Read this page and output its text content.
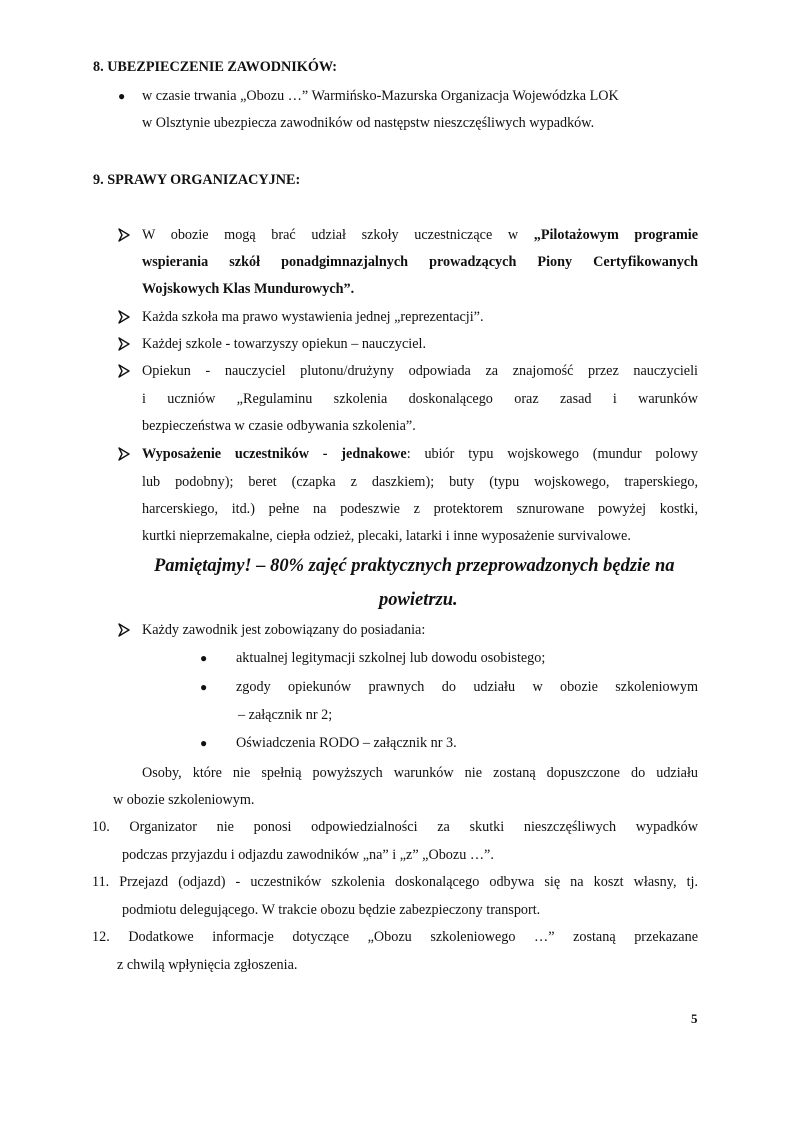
8. UBEZPIECZENIE ZAWODNIKÓW:
● w czasie trwania „Obozu …” Warmińsko-Mazurska Organizacja Wojewódzka LOK
w Olsztynie ubezpiecza zawodników od następstw nieszczęśliwych wypadków.
9. SPRAWY ORGANIZACYJNE:
W obozie mogą brać udział szkoły uczestniczące w „Pilotażowym programie
wspierania szkół ponadgimnazjalnych prowadzących Piony Certyfikowanych
Wojskowych Klas Mundurowych”.
Każda szkoła ma prawo wystawienia jednej „reprezentacji”.
Każdej szkole - towarzyszy opiekun – nauczyciel.
Opiekun - nauczyciel plutonu/drużyny odpowiada za znajomość przez nauczycieli
i uczniów „Regulaminu szkolenia doskonalącego oraz zasad i warunków
bezpieczeństwa w czasie odbywania szkolenia”.
Wyposażenie uczestników - jednakowe: ubiór typu wojskowego (mundur polowy
lub podobny); beret (czapka z daszkiem); buty (typu wojskowego, traperskiego,
harcerskiego, itd.) pełne na podeszwie z protektorem sznurowane powyżej kostki,
kurtki nieprzemakalne, ciepła odzież, plecaki, latarki i inne wyposażenie survivalowe.
Pamiętajmy! – 80% zajęć praktycznych przeprowadzonych będzie na
powietrzu.
Każdy zawodnik jest zobowiązany do posiadania:
● aktualnej legitymacji szkolnej lub dowodu osobistego;
● zgody opiekunów prawnych do udziału w obozie szkoleniowym
– załącznik nr 2;
● Oświadczenia RODO – załącznik nr 3.
Osoby, które nie spełnią powyższych warunków nie zostaną dopuszczone do udziału
w obozie szkoleniowym.
10. Organizator nie ponosi odpowiedzialności za skutki nieszczęśliwych wypadków
podczas przyjazdu i odjazdu zawodników „na” i „z” „Obozu …”.
11. Przejazd (odjazd) - uczestników szkolenia doskonalącego odbywa się na koszt własny, tj.
podmiotu delegującego. W trakcie obozu będzie zabezpieczony transport.
12. Dodatkowe informacje dotyczące „Obozu szkoleniowego …” zostaną przekazane
z chwilą wpłynięcia zgłoszenia.
5
